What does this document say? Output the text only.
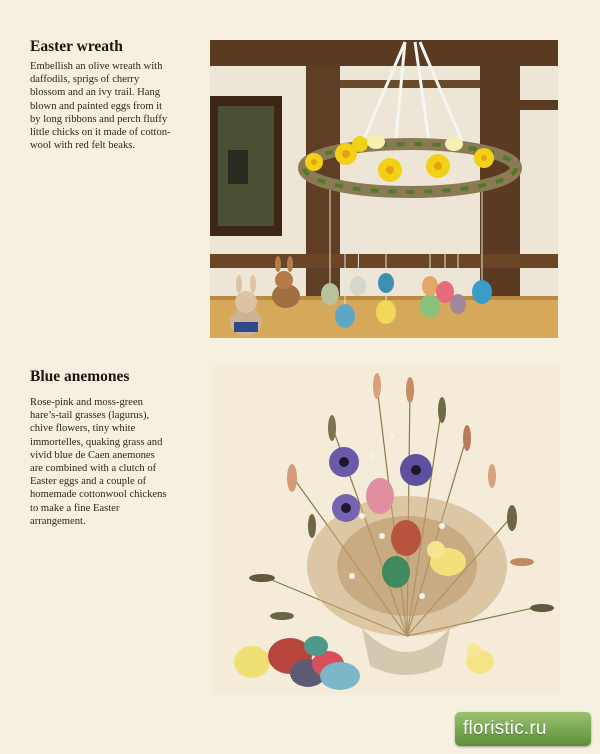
Easter wreath
Embellish an olive wreath with
daffodils, sprigs of cherry
blossom and an ivy trail. Hang
blown and painted eggs from it
by long ribbons and perch fluffy
little chicks on it made of cotton-
wool with red felt beaks.
Blue anemones
Rose-pink and moss-green
hare’s-tail grasses (lagurus),
chive flowers, tiny white
immortelles, quaking grass and
vivid blue de Caen anemones
are combined with a clutch of
Easter eggs and a couple of
homemade cottonwool chickens
to make a fine Easter
arrangement.
floristic.ru
